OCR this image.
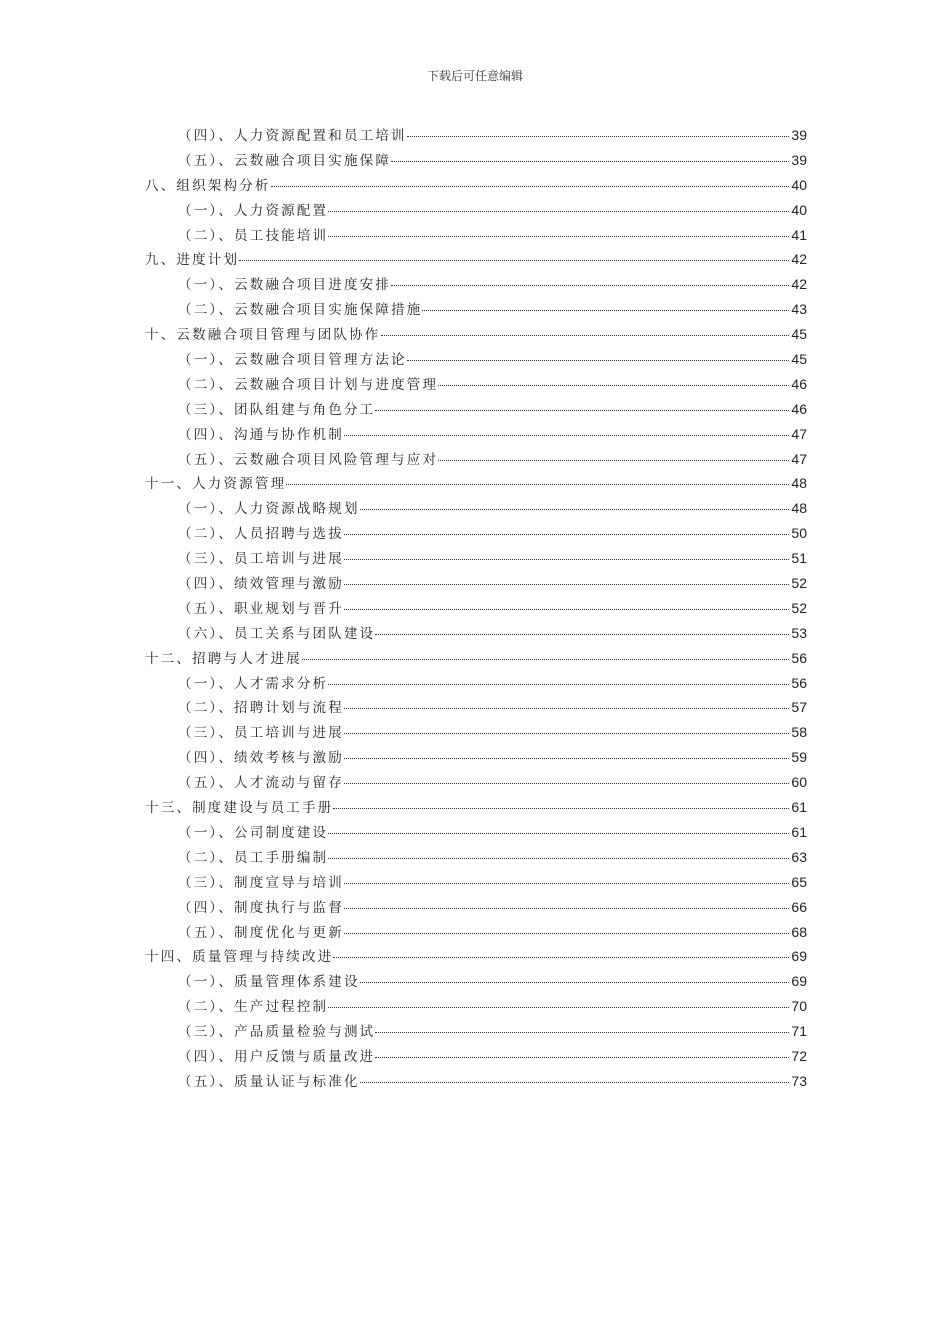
下载后可任意编辑
（四）、人力资源配置和员工培训	39
（五）、云数融合项目实施保障	39
八、组织架构分析	40
（一）、人力资源配置	40
（二）、员工技能培训	41
九、进度计划	42
（一）、云数融合项目进度安排	42
（二）、云数融合项目实施保障措施	43
十、云数融合项目管理与团队协作	45
（一）、云数融合项目管理方法论	45
（二）、云数融合项目计划与进度管理	46
（三）、团队组建与角色分工	46
（四）、沟通与协作机制	47
（五）、云数融合项目风险管理与应对	47
十一、人力资源管理	48
（一）、人力资源战略规划	48
（二）、人员招聘与选拔	50
（三）、员工培训与进展	51
（四）、绩效管理与激励	52
（五）、职业规划与晋升	52
（六）、员工关系与团队建设	53
十二、招聘与人才进展	56
（一）、人才需求分析	56
（二）、招聘计划与流程	57
（三）、员工培训与进展	58
（四）、绩效考核与激励	59
（五）、人才流动与留存	60
十三、制度建设与员工手册	61
（一）、公司制度建设	61
（二）、员工手册编制	63
（三）、制度宣导与培训	65
（四）、制度执行与监督	66
（五）、制度优化与更新	68
十四、质量管理与持续改进	69
（一）、质量管理体系建设	69
（二）、生产过程控制	70
（三）、产品质量检验与测试	71
（四）、用户反馈与质量改进	72
（五）、质量认证与标准化	73
